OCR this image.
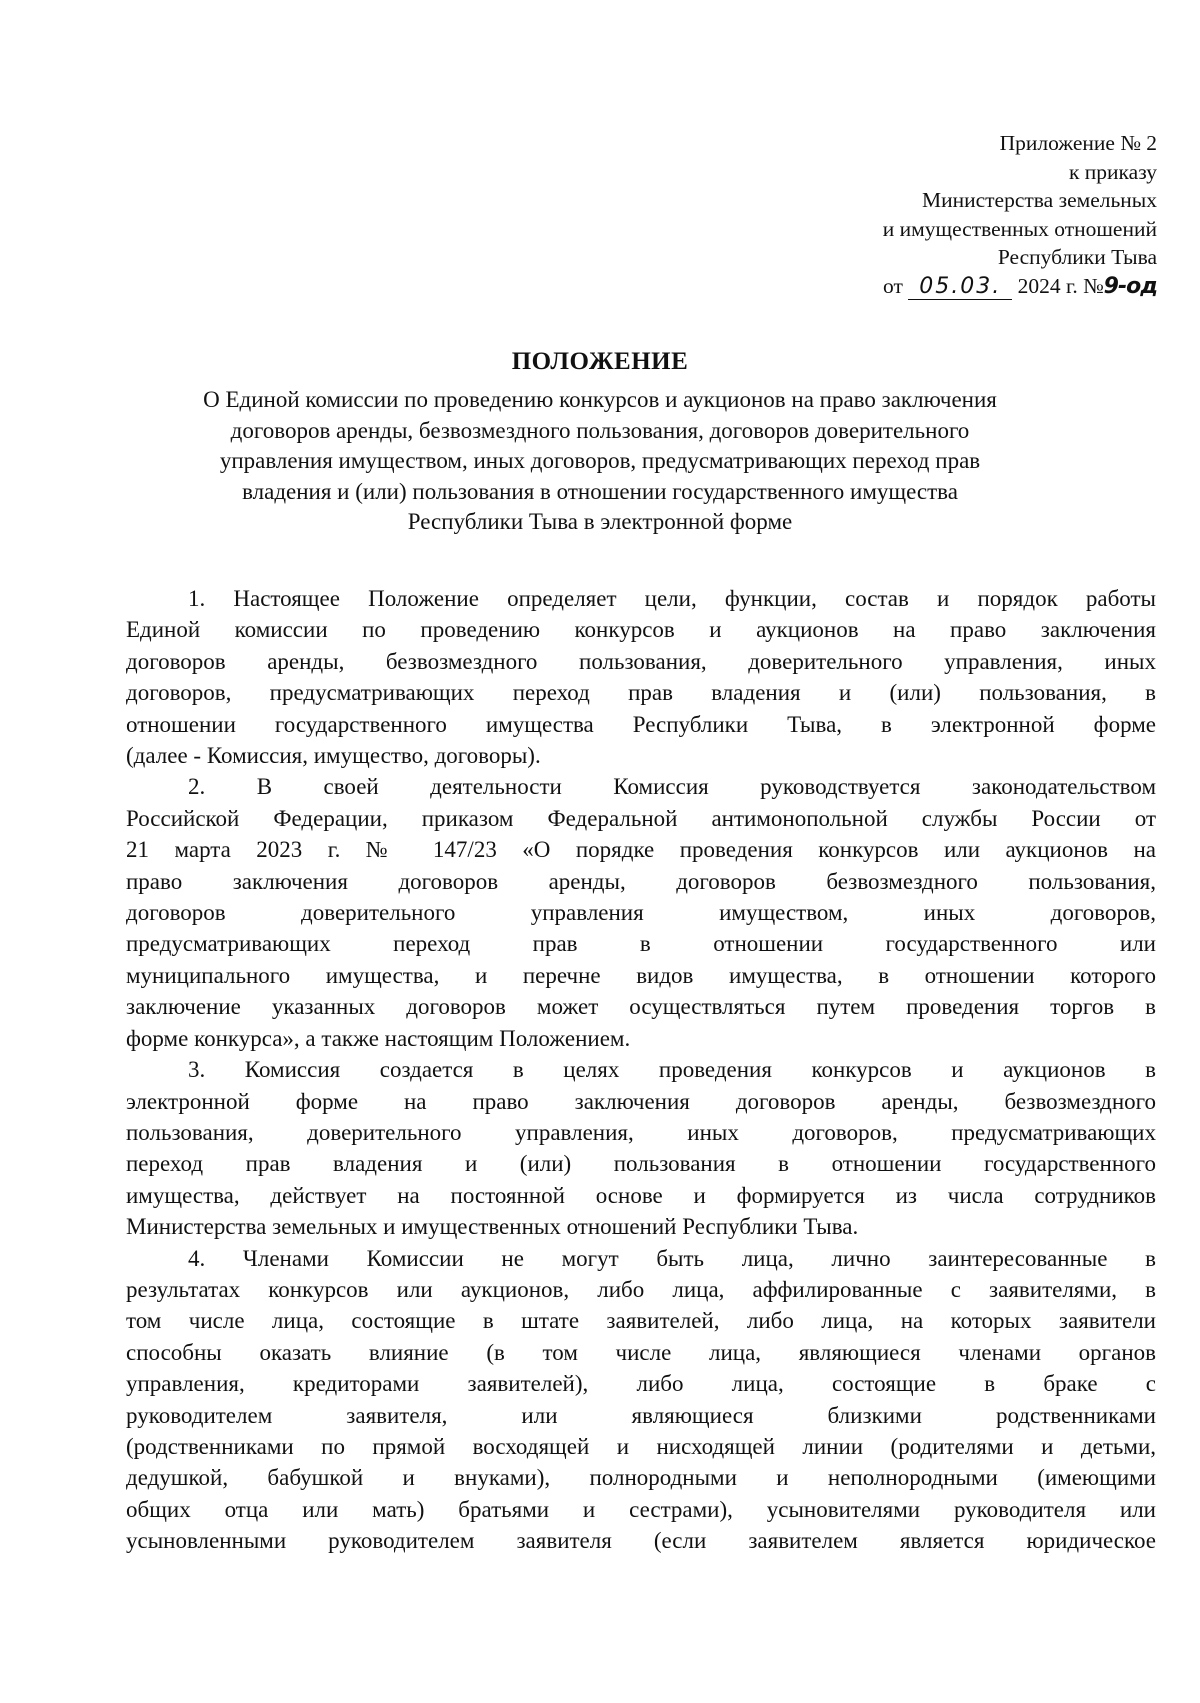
Приложение № 2
к приказу
Министерства земельных
и имущественных отношений
Республики Тыва
от 05.03. 2024 г. №9-од
ПОЛОЖЕНИЕ
О Единой комиссии по проведению конкурсов и аукционов на право заключения
договоров аренды, безвозмездного пользования, договоров доверительного
управления имуществом, иных договоров, предусматривающих переход прав
владения и (или) пользования в отношении государственного имущества
Республики Тыва в электронной форме
1. Настоящее Положение определяет цели, функции, состав и порядок работы
Единой комиссии по проведению конкурсов и аукционов на право заключения
договоров аренды, безвозмездного пользования, доверительного управления, иных
договоров, предусматривающих переход прав владения и (или) пользования, в
отношении государственного имущества Республики Тыва, в электронной форме
(далее - Комиссия, имущество, договоры).
2. В своей деятельности Комиссия руководствуется законодательством
Российской Федерации, приказом Федеральной антимонопольной службы России от
21 марта 2023 г. № 147/23 «О порядке проведения конкурсов или аукционов на
право заключения договоров аренды, договоров безвозмездного пользования,
договоров доверительного управления имуществом, иных договоров,
предусматривающих переход прав в отношении государственного или
муниципального имущества, и перечне видов имущества, в отношении которого
заключение указанных договоров может осуществляться путем проведения торгов в
форме конкурса», а также настоящим Положением.
3. Комиссия создается в целях проведения конкурсов и аукционов в
электронной форме на право заключения договоров аренды, безвозмездного
пользования, доверительного управления, иных договоров, предусматривающих
переход прав владения и (или) пользования в отношении государственного
имущества, действует на постоянной основе и формируется из числа сотрудников
Министерства земельных и имущественных отношений Республики Тыва.
4. Членами Комиссии не могут быть лица, лично заинтересованные в
результатах конкурсов или аукционов, либо лица, аффилированные с заявителями, в
том числе лица, состоящие в штате заявителей, либо лица, на которых заявители
способны оказать влияние (в том числе лица, являющиеся членами органов
управления, кредиторами заявителей), либо лица, состоящие в браке с
руководителем заявителя, или являющиеся близкими родственниками
(родственниками по прямой восходящей и нисходящей линии (родителями и детьми,
дедушкой, бабушкой и внуками), полнородными и неполнородными (имеющими
общих отца или мать) братьями и сестрами), усыновителями руководителя или
усыновленными руководителем заявителя (если заявителем является юридическое
